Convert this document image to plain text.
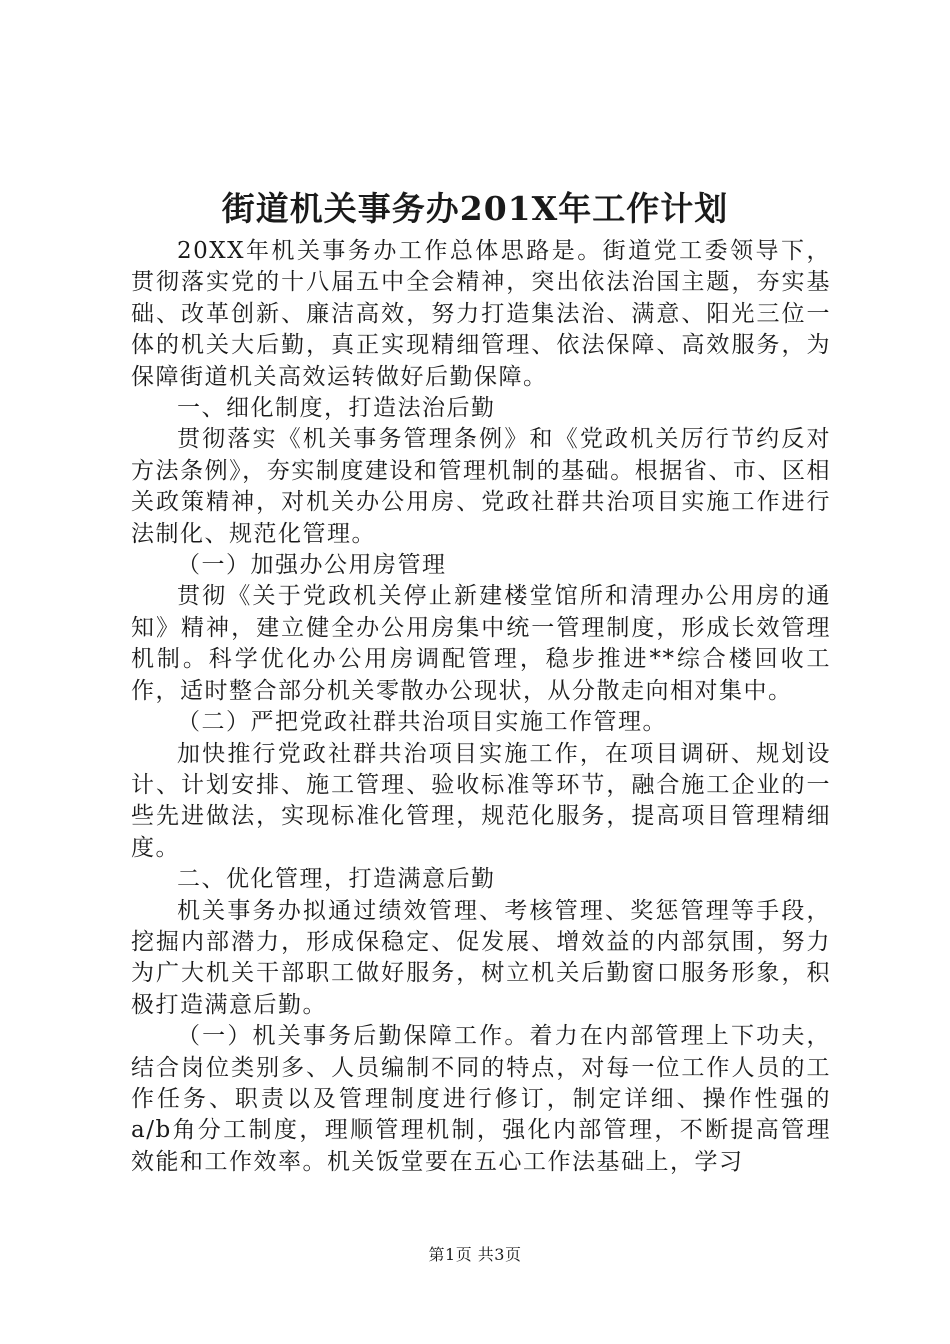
街道机关事务办201X年工作计划

20XX年机关事务办工作总体思路是。街道党工委领导下，贯彻落实党的十八届五中全会精神，突出依法治国主题，夯实基础、改革创新、廉洁高效，努力打造集法治、满意、阳光三位一体的机关大后勤，真正实现精细管理、依法保障、高效服务，为保障街道机关高效运转做好后勤保障。

一、细化制度，打造法治后勤

贯彻落实《机关事务管理条例》和《党政机关厉行节约反对方法条例》，夯实制度建设和管理机制的基础。根据省、市、区相关政策精神，对机关办公用房、党政社群共治项目实施工作进行法制化、规范化管理。

（一）加强办公用房管理

贯彻《关于党政机关停止新建楼堂馆所和清理办公用房的通知》精神，建立健全办公用房集中统一管理制度，形成长效管理机制。科学优化办公用房调配管理，稳步推进**综合楼回收工作，适时整合部分机关零散办公现状，从分散走向相对集中。

（二）严把党政社群共治项目实施工作管理。

加快推行党政社群共治项目实施工作，在项目调研、规划设计、计划安排、施工管理、验收标准等环节，融合施工企业的一些先进做法，实现标准化管理，规范化服务，提高项目管理精细度。

二、优化管理，打造满意后勤

机关事务办拟通过绩效管理、考核管理、奖惩管理等手段，挖掘内部潜力，形成保稳定、促发展、增效益的内部氛围，努力为广大机关干部职工做好服务，树立机关后勤窗口服务形象，积极打造满意后勤。

（一）机关事务后勤保障工作。着力在内部管理上下功夫，结合岗位类别多、人员编制不同的特点，对每一位工作人员的工作任务、职责以及管理制度进行修订，制定详细、操作性强的a/b角分工制度，理顺管理机制，强化内部管理，不断提高管理效能和工作效率。机关饭堂要在五心工作法基础上，学习

第1页 共3页
